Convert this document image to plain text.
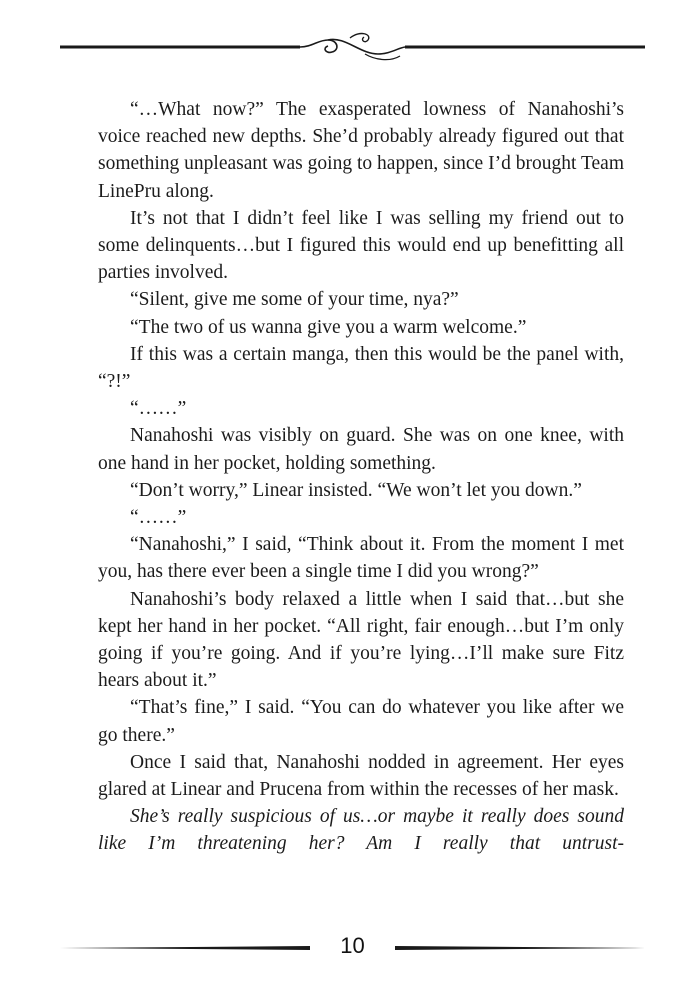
“…What now?” The exasperated lowness of Nanahoshi’s voice reached new depths. She’d probably already figured out that something unpleasant was going to happen, since I’d brought Team LinePru along.

It’s not that I didn’t feel like I was selling my friend out to some delinquents…but I figured this would end up benefitting all parties involved.

“Silent, give me some of your time, nya?”

“The two of us wanna give you a warm welcome.”

If this was a certain manga, then this would be the panel with, “?!”

“……”

Nanahoshi was visibly on guard. She was on one knee, with one hand in her pocket, holding something.

“Don’t worry,” Linear insisted. “We won’t let you down.”

“……”

“Nanahoshi,” I said, “Think about it. From the moment I met you, has there ever been a single time I did you wrong?”

Nanahoshi’s body relaxed a little when I said that…but she kept her hand in her pocket. “All right, fair enough…but I’m only going if you’re going. And if you’re lying…I’ll make sure Fitz hears about it.”

“That’s fine,” I said. “You can do whatever you like after we go there.”

Once I said that, Nanahoshi nodded in agreement. Her eyes glared at Linear and Prucena from within the recesses of her mask.

She’s really suspicious of us…or maybe it really does sound like I’m threatening her? Am I really that untrust-

10
